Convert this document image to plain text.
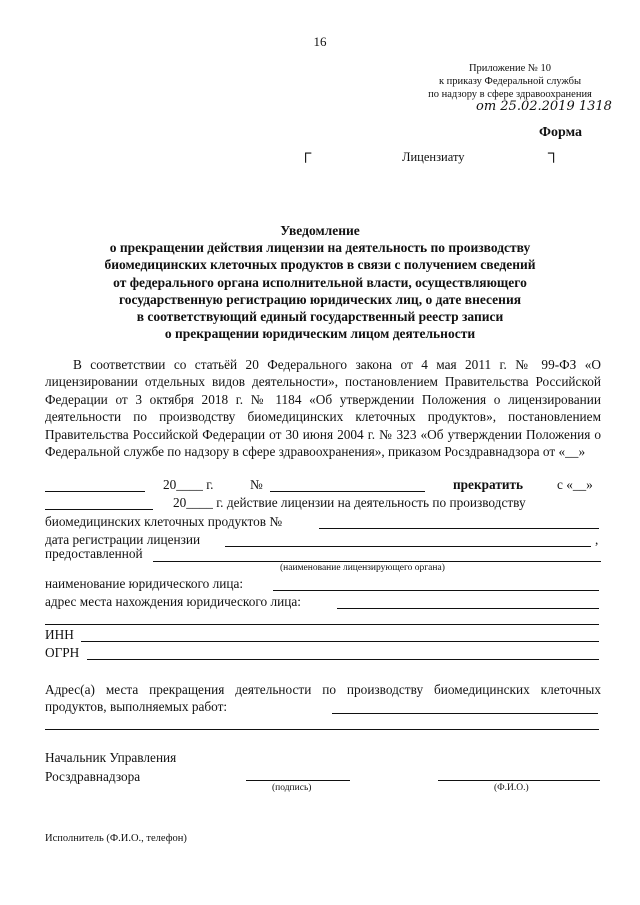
16
Приложение № 10
к приказу Федеральной службы
по надзору в сфере здравоохранения
от 25.02.2019 1318
Форма
┌	┐
Лицензиату
Уведомление
о прекращении действия лицензии на деятельность по производству
биомедицинских клеточных продуктов в связи с получением сведений
от федерального органа исполнительной власти, осуществляющего
государственную регистрацию юридических лиц, о дате внесения
в соответствующий единый государственный реестр записи
о прекращении юридическим лицом деятельности
В соответствии со статьёй 20 Федерального закона от 4 мая 2011 г. № 99-ФЗ «О лицензировании отдельных видов деятельности», постановлением Правительства Российской Федерации от 3 октября 2018 г. № 1184 «Об утверждении Положения о лицензировании деятельности по производству биомедицинских клеточных продуктов», постановлением Правительства Российской Федерации от 30 июня 2004 г. № 323 «Об утверждении Положения о Федеральной службе по надзору в сфере здравоохранения», приказом Росздравнадзора от «__»
20____ г.	№	прекратить	с «__»
20____ г. действие лицензии на деятельность по производству
биомедицинских клеточных продуктов №
дата регистрации лицензии	,
предоставленной
(наименование лицензирующего органа)
наименование юридического лица:
адрес места нахождения юридического лица:
ИНН
ОГРН
Адрес(а) места прекращения деятельности по производству биомедицинских клеточных продуктов, выполняемых работ:
Начальник Управления
Росздравнадзора
(подпись)	(Ф.И.О.)
Исполнитель (Ф.И.О., телефон)
